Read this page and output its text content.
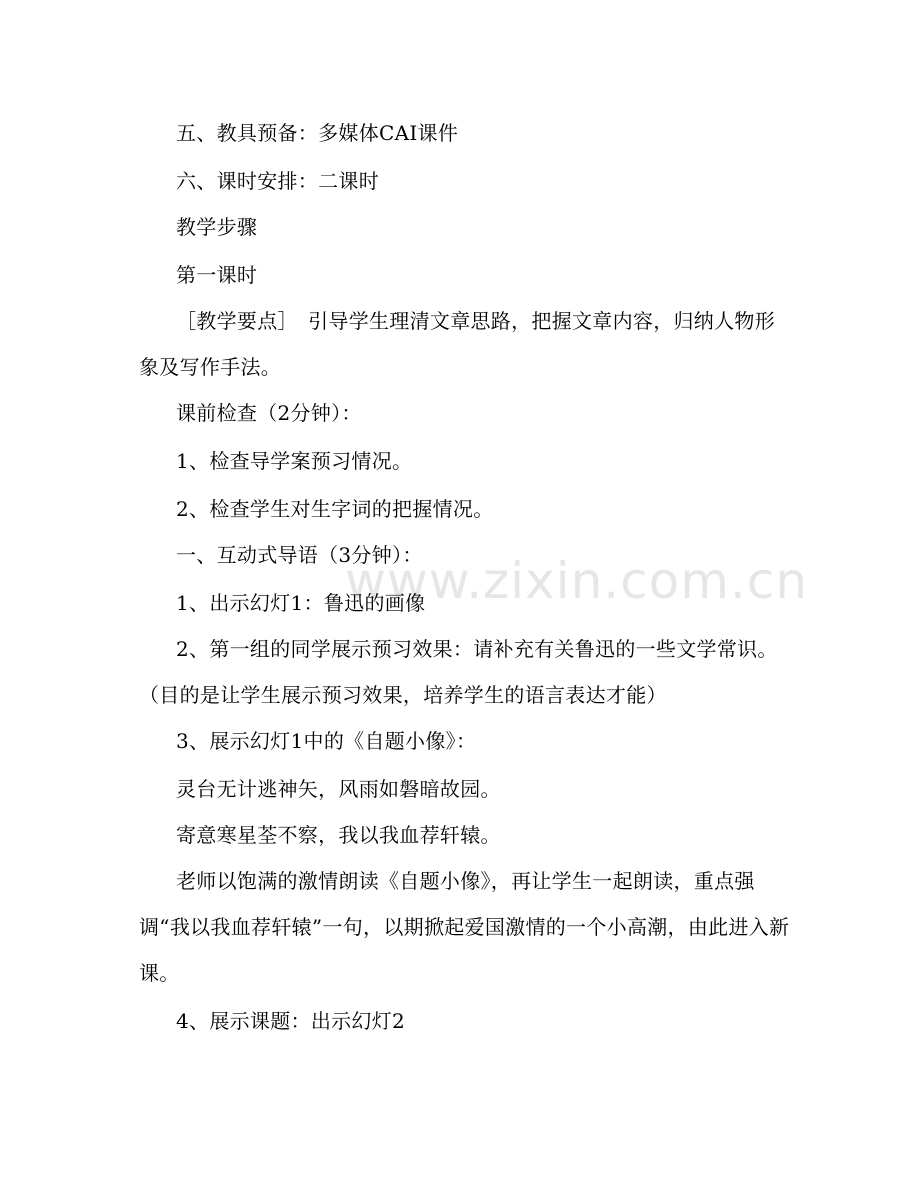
www.zixin.com.cn
五、教具预备：多媒体CAI课件
六、课时安排：二课时
教学步骤
第一课时
［教学要点］　引导学生理清文章思路，把握文章内容，归纳人物形象及写作手法。
课前检查（2分钟）：
1、检查导学案预习情况。
2、检查学生对生字词的把握情况。
一、互动式导语（3分钟）：
1、出示幻灯1：鲁迅的画像
2、第一组的同学展示预习效果：请补充有关鲁迅的一些文学常识。（目的是让学生展示预习效果，培养学生的语言表达才能）
3、展示幻灯1中的《自题小像》：
灵台无计逃神矢，风雨如磐暗故园。
寄意寒星荃不察，我以我血荐轩辕。
老师以饱满的激情朗读《自题小像》，再让学生一起朗读，重点强调“我以我血荐轩辕”一句，以期掀起爱国激情的一个小高潮，由此进入新课。
4、展示课题：出示幻灯2
